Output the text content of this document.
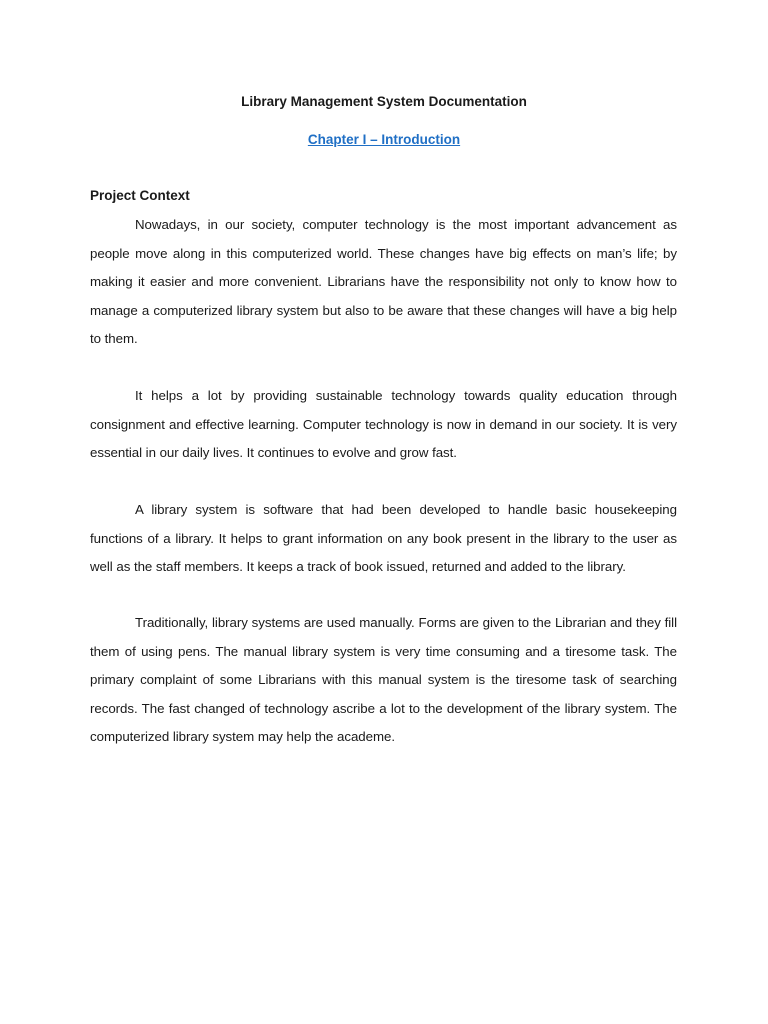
Library Management System Documentation
Chapter I – Introduction
Project Context

Nowadays, in our society, computer technology is the most important advancement as people move along in this computerized world. These changes have big effects on man’s life; by making it easier and more convenient. Librarians have the responsibility not only to know how to manage a computerized library system but also to be aware that these changes will have a big help to them.

It helps a lot by providing sustainable technology towards quality education through consignment and effective learning. Computer technology is now in demand in our society. It is very essential in our daily lives. It continues to evolve and grow fast.

A library system is software that had been developed to handle basic housekeeping functions of a library. It helps to grant information on any book present in the library to the user as well as the staff members. It keeps a track of book issued, returned and added to the library.

Traditionally, library systems are used manually. Forms are given to the Librarian and they fill them of using pens. The manual library system is very time consuming and a tiresome task. The primary complaint of some Librarians with this manual system is the tiresome task of searching records. The fast changed of technology ascribe a lot to the development of the library system. The computerized library system may help the academe.
